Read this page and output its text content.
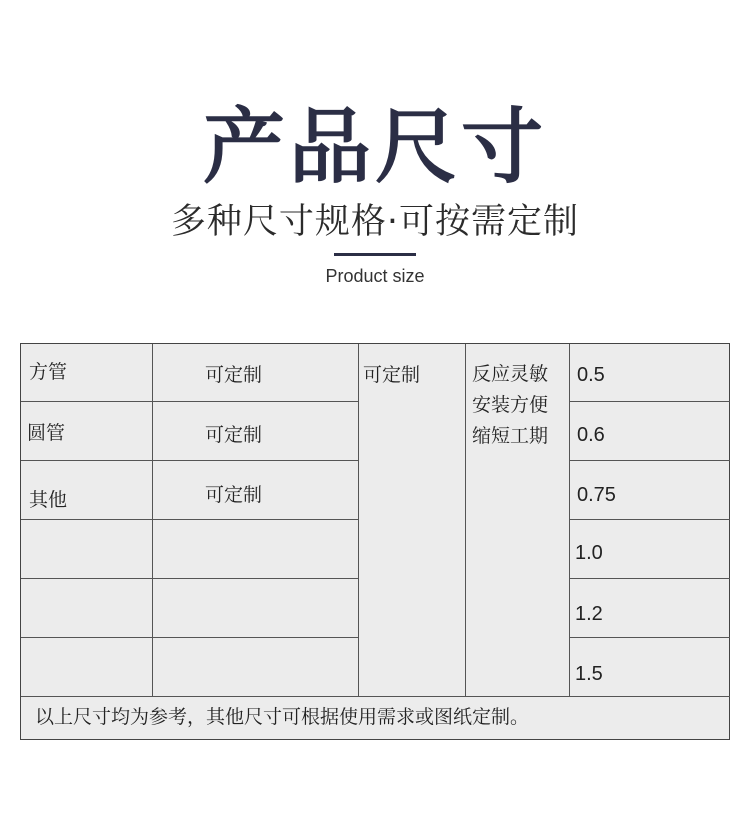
产品尺寸
多种尺寸规格·可按需定制
Product size
方管
圆管
其他
可定制
可定制
可定制
可定制	反应灵敏
安装方便
缩短工期
0.5
0.6
0.75
1.0
1.2
1.5
以上尺寸均为参考，其他尺寸可根据使用需求或图纸定制。
